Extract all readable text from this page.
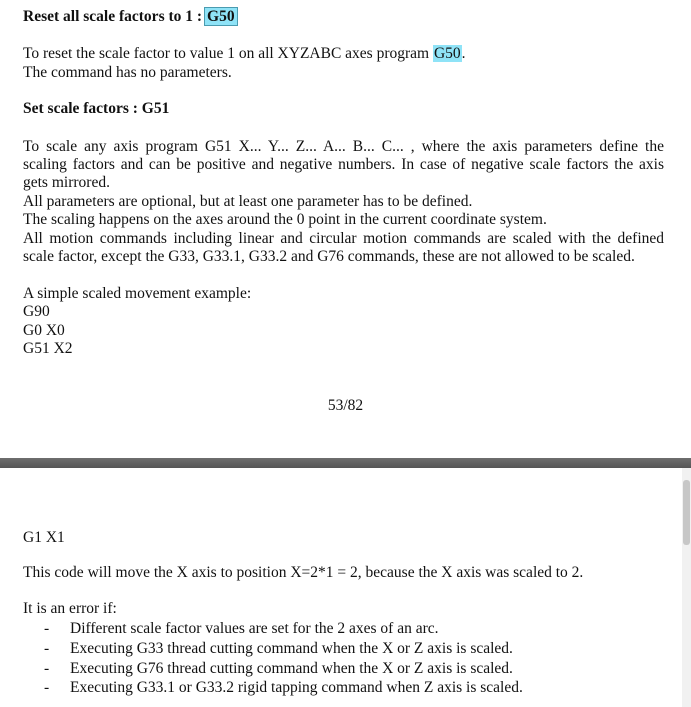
Reset all scale factors to 1 : G50
To reset the scale factor to value 1 on all XYZABC axes program G50.
The command has no parameters.
Set scale factors : G51
To scale any axis program G51 X... Y... Z... A... B... C... , where the axis parameters define the
scaling factors and can be positive and negative numbers. In case of negative scale factors the axis
gets mirrored.
All parameters are optional, but at least one parameter has to be defined.
The scaling happens on the axes around the 0 point in the current coordinate system.
All motion commands including linear and circular motion commands are scaled with the defined
scale factor, except the G33, G33.1, G33.2 and G76 commands, these are not allowed to be scaled.
A simple scaled movement example:
G90
G0 X0
G51 X2
53/82
G1 X1
This code will move the X axis to position X=2*1 = 2, because the X axis was scaled to 2.
It is an error if:
- Different scale factor values are set for the 2 axes of an arc.
- Executing G33 thread cutting command when the X or Z axis is scaled.
- Executing G76 thread cutting command when the X or Z axis is scaled.
- Executing G33.1 or G33.2 rigid tapping command when Z axis is scaled.
